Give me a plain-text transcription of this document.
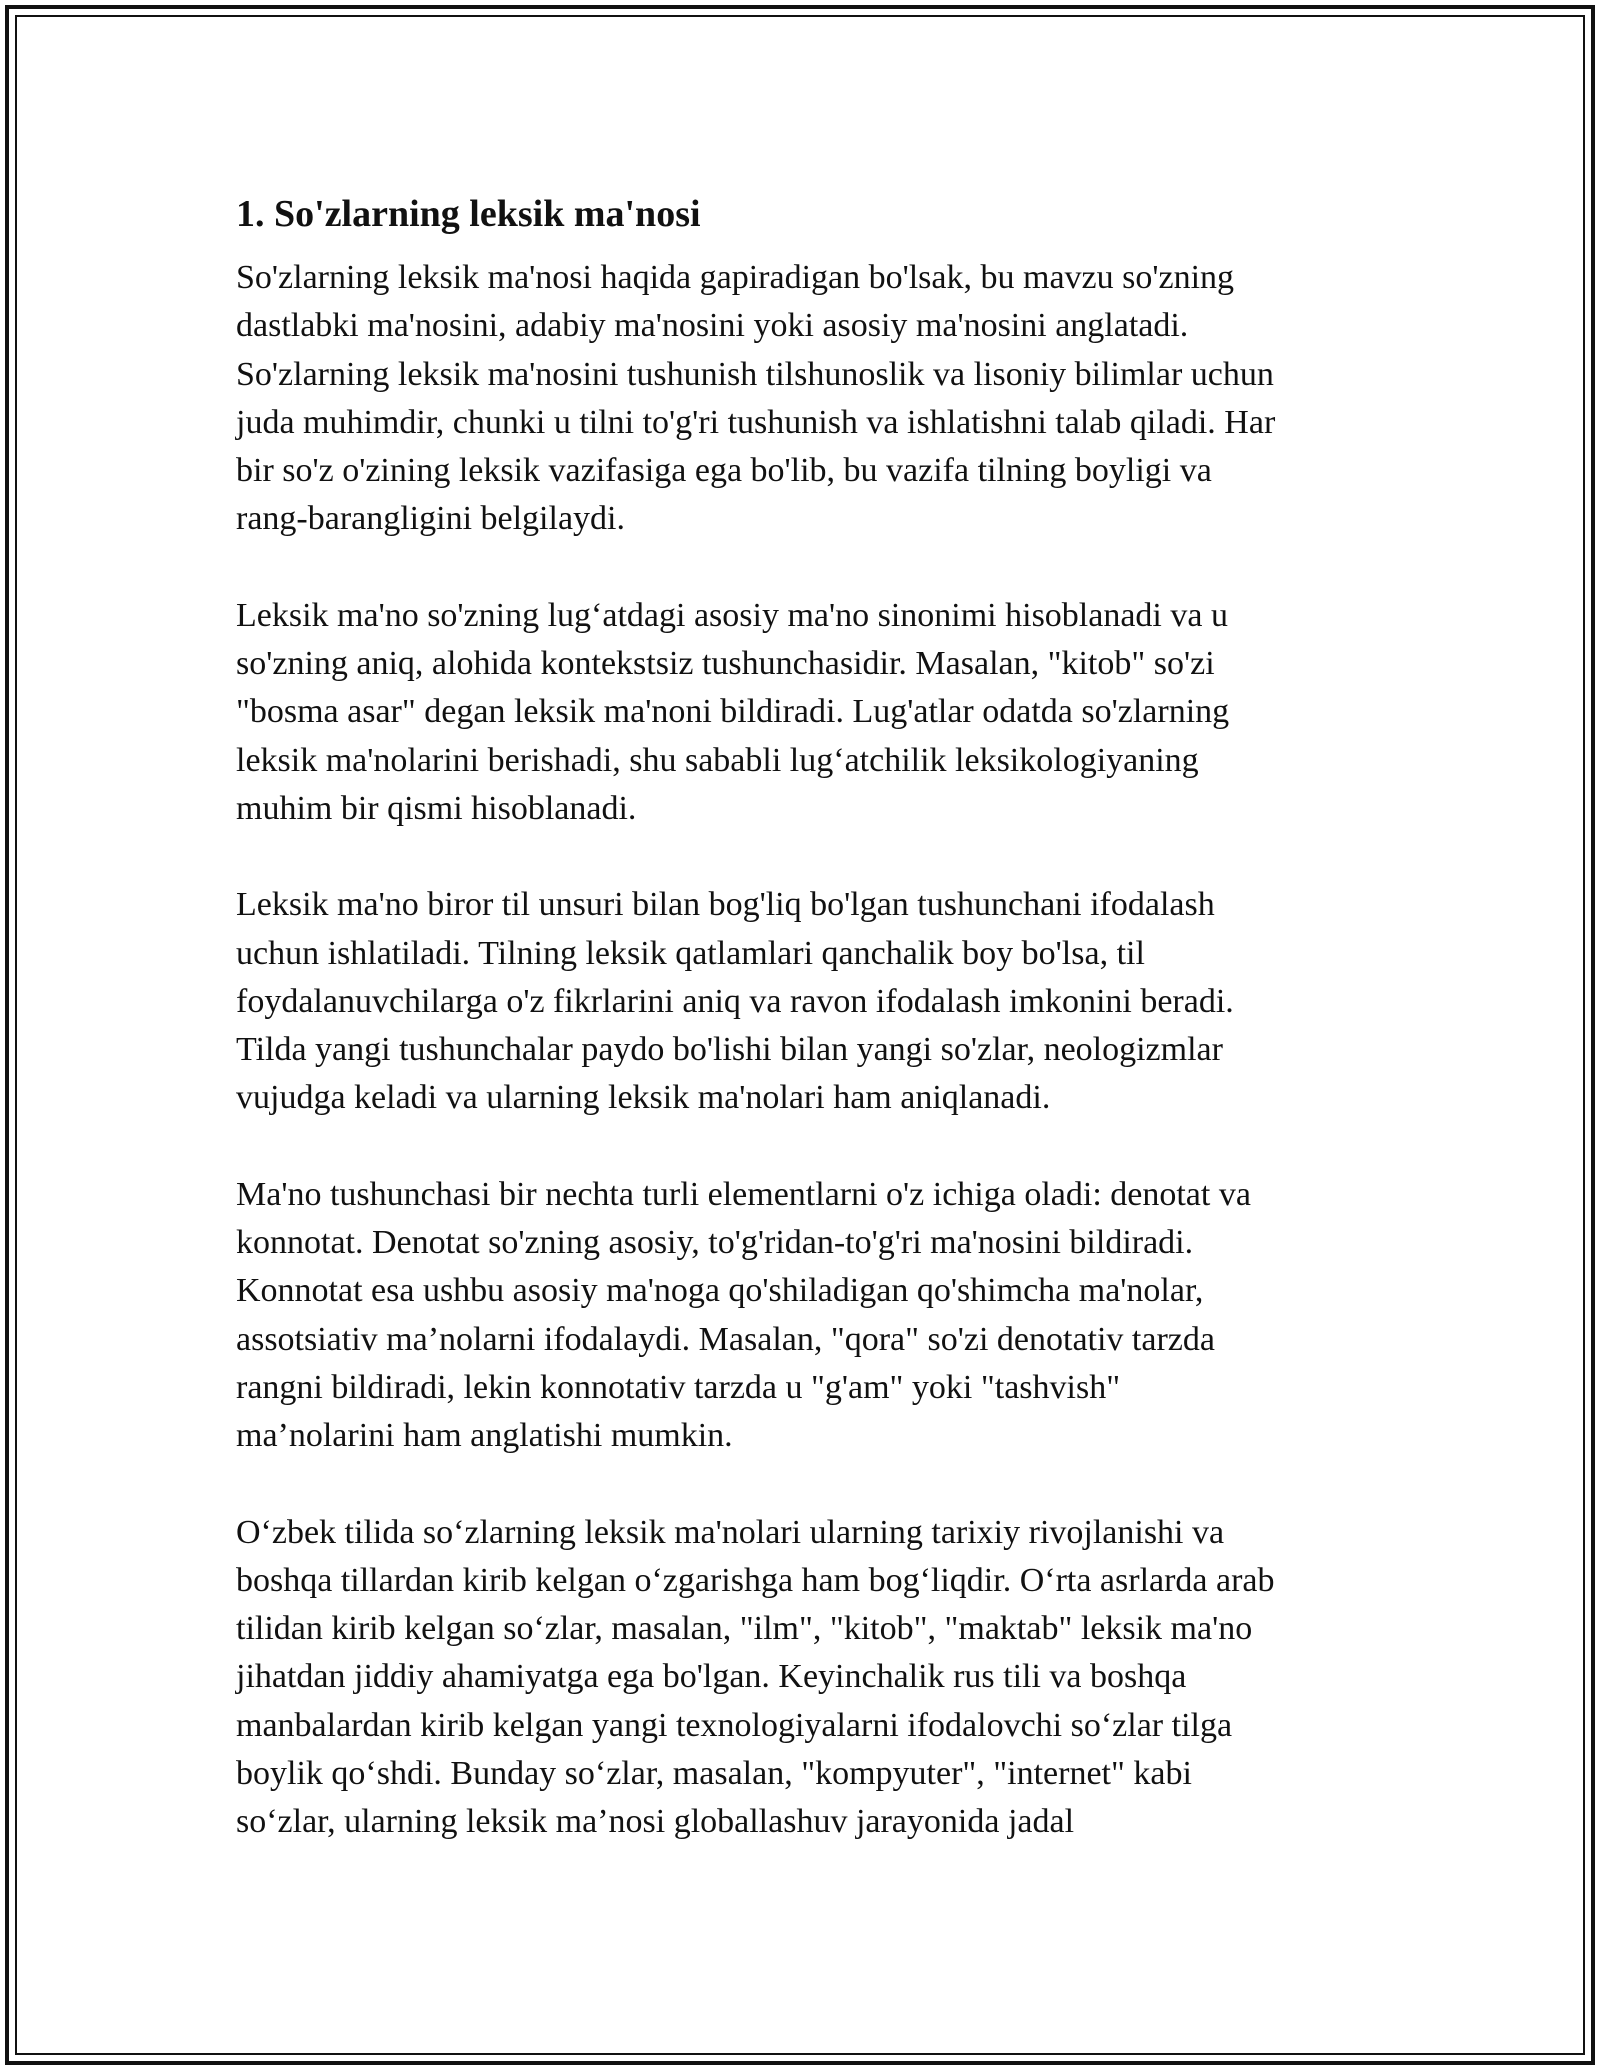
1. So'zlarning leksik ma'nosi

So'zlarning leksik ma'nosi haqida gapiradigan bo'lsak, bu mavzu so'zning
dastlabki ma'nosini, adabiy ma'nosini yoki asosiy ma'nosini anglatadi.
So'zlarning leksik ma'nosini tushunish tilshunoslik va lisoniy bilimlar uchun
juda muhimdir, chunki u tilni to'g'ri tushunish va ishlatishni talab qiladi. Har
bir so'z o'zining leksik vazifasiga ega bo'lib, bu vazifa tilning boyligi va
rang-barangligini belgilaydi.

Leksik ma'no so'zning lug‘atdagi asosiy ma'no sinonimi hisoblanadi va u
so'zning aniq, alohida kontekstsiz tushunchasidir. Masalan, "kitob" so'zi
"bosma asar" degan leksik ma'noni bildiradi. Lug'atlar odatda so'zlarning
leksik ma'nolarini berishadi, shu sababli lug‘atchilik leksikologiyaning
muhim bir qismi hisoblanadi.

Leksik ma'no biror til unsuri bilan bog'liq bo'lgan tushunchani ifodalash
uchun ishlatiladi. Tilning leksik qatlamlari qanchalik boy bo'lsa, til
foydalanuvchilarga o'z fikrlarini aniq va ravon ifodalash imkonini beradi.
Tilda yangi tushunchalar paydo bo'lishi bilan yangi so'zlar, neologizmlar
vujudga keladi va ularning leksik ma'nolari ham aniqlanadi.

Ma'no tushunchasi bir nechta turli elementlarni o'z ichiga oladi: denotat va
konnotat. Denotat so'zning asosiy, to'g'ridan-to'g'ri ma'nosini bildiradi.
Konnotat esa ushbu asosiy ma'noga qo'shiladigan qo'shimcha ma'nolar,
assotsiativ ma’nolarni ifodalaydi. Masalan, "qora" so'zi denotativ tarzda
rangni bildiradi, lekin konnotativ tarzda u "g'am" yoki "tashvish"
ma’nolarini ham anglatishi mumkin.

O‘zbek tilida so‘zlarning leksik ma'nolari ularning tarixiy rivojlanishi va
boshqa tillardan kirib kelgan o‘zgarishga ham bog‘liqdir. O‘rta asrlarda arab
tilidan kirib kelgan so‘zlar, masalan, "ilm", "kitob", "maktab" leksik ma'no
jihatdan jiddiy ahamiyatga ega bo'lgan. Keyinchalik rus tili va boshqa
manbalardan kirib kelgan yangi texnologiyalarni ifodalovchi so‘zlar tilga
boylik qo‘shdi. Bunday so‘zlar, masalan, "kompyuter", "internet" kabi
so‘zlar, ularning leksik ma’nosi globallashuv jarayonida jadal
